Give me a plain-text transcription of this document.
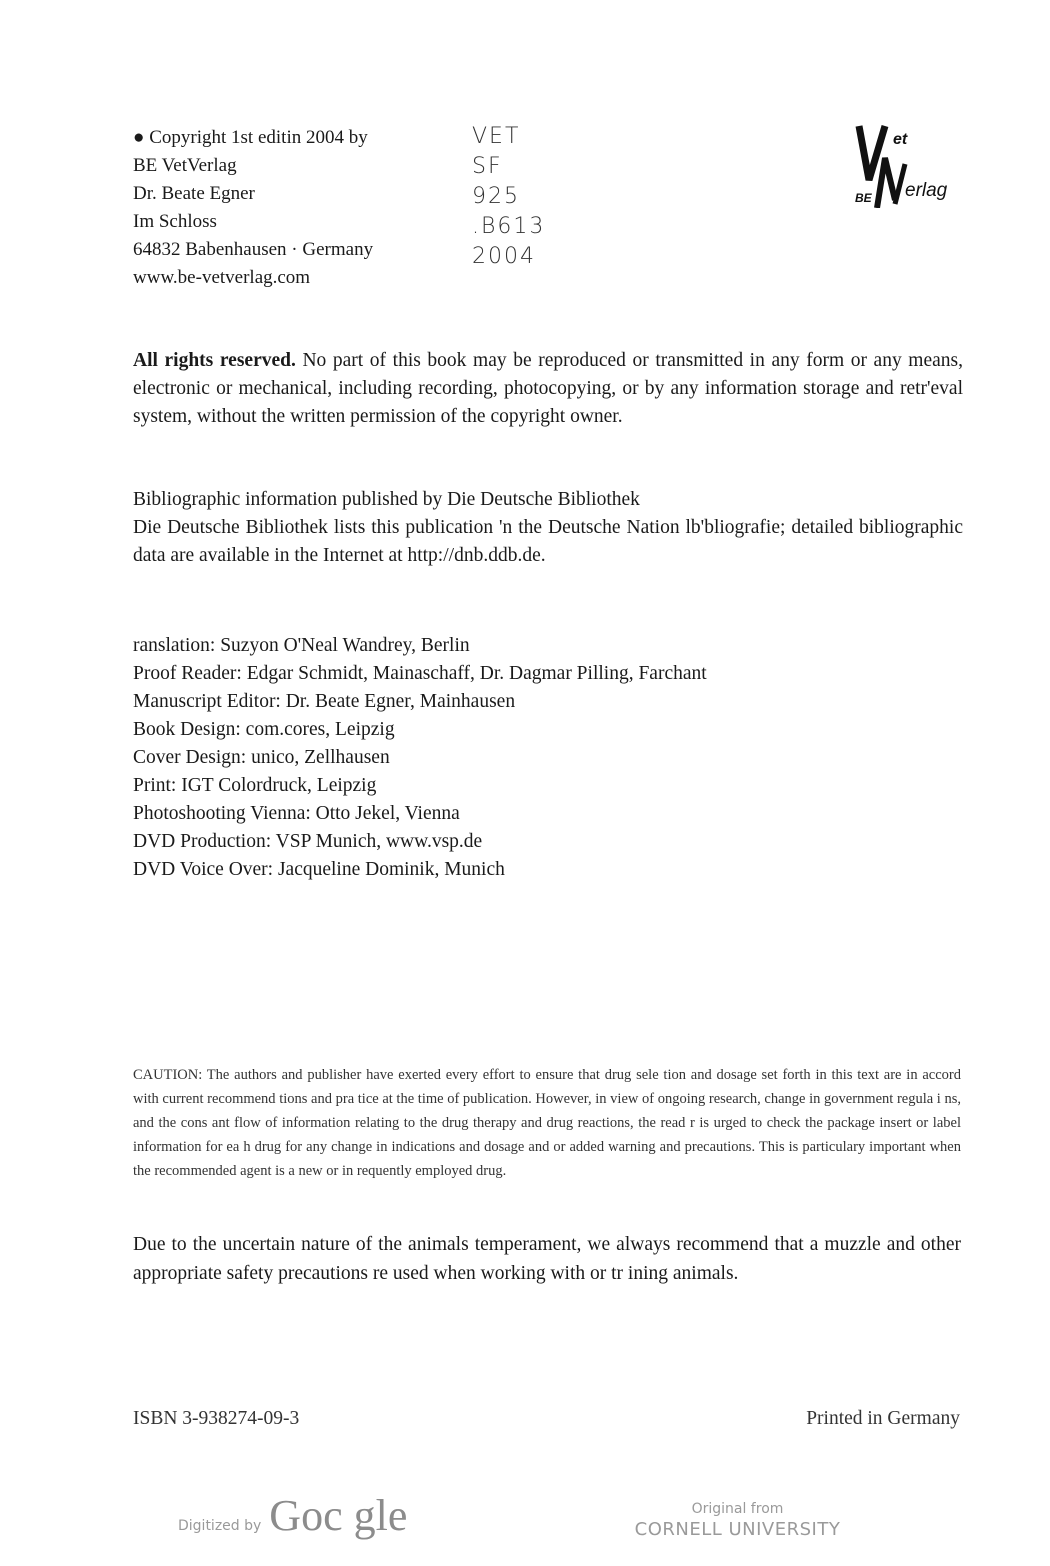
● Copyright 1st editin 2004 by
BE VetVerlag
Dr. Beate Egner
Im Schloss
64832 Babenhausen · Germany
www.be-vetverlag.com
VET
SF
925
.B613
2004
et
BE erlag
All rights reserved. No part of this book may be reproduced or transmitted in any form or any means, electronic or mechanical, including recording, photocopying, or by any information storage and retr'eval system, without the written permission of the copyright owner.
Bibliographic information published by Die Deutsche Bibliothek
Die Deutsche Bibliothek lists this publication 'n the Deutsche Nation lb'bliografie; detailed bibliographic data are available in the Internet at http://dnb.ddb.de.
ranslation: Suzyon O'Neal Wandrey, Berlin
Proof Reader: Edgar Schmidt, Mainaschaff, Dr. Dagmar Pilling, Farchant
Manuscript Editor: Dr. Beate Egner, Mainhausen
Book Design: com.cores, Leipzig
Cover Design: unico, Zellhausen
Print: IGT Colordruck, Leipzig
Photoshooting Vienna: Otto Jekel, Vienna
DVD Production: VSP Munich, www.vsp.de
DVD Voice Over: Jacqueline Dominik, Munich
CAUTION: The authors and publisher have exerted every effort to ensure that drug sele tion and dosage set forth in this text are in accord with current recommend tions and pra tice at the time of publication. However, in view of ongoing research, change in government regula i ns, and the cons ant flow of information relating to the drug therapy and drug reactions, the read r is urged to check the package insert or label information for ea h drug for any change in indications and dosage and or added warning and precautions. This is particulary important when the recommended agent is a new or in requently employed drug.
Due to the uncertain nature of the animals temperament, we always recommend that a muzzle and other appropriate safety precautions re used when working with or tr ining animals.
ISBN 3-938274-09-3	Printed in Germany
Digitized by Goc gle	Original from
CORNELL UNIVERSITY
